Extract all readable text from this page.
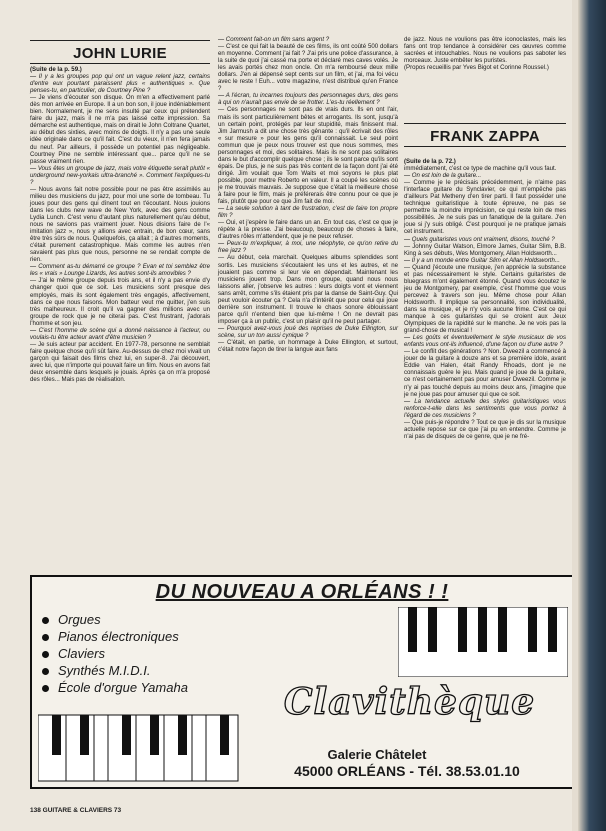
JOHN LURIE

(Suite de la p. 59.)

— Il y a les groupes pop qui ont un vague relent jazz, certains d'entre eux pourtant paraissent plus « authentiques ». Que penses-tu, en particulier, de Courtney Pine ?

— Je viens d'écouter son disque. On m'en a effectivement parlé dès mon arrivée en Europe. Il a un bon son, il joue indéniablement bien. Normalement, je me sens insulté par ceux qui prétendent faire du jazz, mais il ne m'a pas laissé cette impression. Sa démarche est authentique, mais on dirait le John Coltrane Quartet, au début des sixties, avec moins de doigts. Il n'y a pas une seule idée originale dans ce qu'il fait. C'est du vieux, il n'en fera jamais du neuf. Par ailleurs, il possède un potentiel pas négligeable. Courtney Pine ne semble intéressant que... parce qu'il ne se passe vraiment rien.

— Vous êtes un groupe de jazz, mais votre étiquette serait plutôt « underground new-yorkais ultra-branché ». Comment l'expliques-tu ?

— Nous avons fait notre possible pour ne pas être assimilés au milieu des musiciens du jazz, pour moi une sorte de tombeau. Tu joues pour des gens qui dînent tout en t'écoutant. Nous jouions dans les clubs new wave de New York, avec des gens comme Lydia Lunch. C'est venu d'autant plus naturellement qu'au début, nous ne savions pas vraiment jouer. Nous disions faire de l'« imitation jazz », nous y allions avec entrain, de bon cœur, sans être très sûrs de nous. Quelquefois, ça allait ; à d'autres moments, c'était purement catastrophique. Mais comme les autres n'en savaient pas plus que nous, personne ne se rendait compte de rien.

— Comment as-tu démarré ce groupe ? Evan et toi semblez être les « vrais » Lounge Lizards, les autres sont-ils amovibles ?

— J'ai le même groupe depuis trois ans, et il n'y a pas envie d'y changer quoi que ce soit. Les musiciens sont presque des employés, mais ils sont également très engagés, affectivement, dans ce que nous faisons. Mon batteur veut me quitter, j'en suis très malheureux. Il croit qu'il va gagner des millions avec un groupe de rock que je ne citerai pas. C'est frustrant, j'adorais l'homme et son jeu.

— C'est l'homme de scène qui a donné naissance à l'acteur, ou voulais-tu être acteur avant d'être musicien ?

— Je suis acteur par accident. En 1977-78, personne ne semblait faire quelque chose qu'il sût faire. Au-dessus de chez moi vivait un garçon qui faisait des films chez lui, en super-8. J'ai découvert, avec lui, que n'importe qui pouvait faire un film. Nous en avons fait deux ensemble dans lesquels je jouais. Après ça on m'a proposé des rôles... Mais pas de réalisation.

— Comment fait-on un film sans argent ?

— C'est ce qui fait la beauté de ces films, ils ont coûté 500 dollars en moyenne. Comment j'ai fait ? J'ai pris une police d'assurance, à la suite de quoi j'ai cassé ma porte et déclaré mes caves volés. Je les avais portés chez mon oncle. On m'a remboursé deux mille dollars. J'en ai dépensé sept cents sur un film, et j'ai, ma foi vécu avec le reste ! Euh... votre magazine, n'est distribué qu'en France ?

— A l'écran, tu incarnes toujours des personnages durs, des gens à qui on n'aurait pas envie de se frotter. L'es-tu réellement ?

— Ces personnages ne sont pas de vrais durs. Ils en ont l'air, mais ils sont particulièrement bêtes et arrogants. Ils sont, jusqu'à un certain point, protégés par leur stupidité, mais finissent mal. Jim Jarmush a dit une chose très gênante : qu'il écrivait des rôles « sur mesure » pour les gens qu'il connaissait. Le seul point commun que je peux nous trouver est que nous sommes, mes personnages et moi, des solitaires. Mais ils ne sont pas solitaires dans le but d'accomplir quelque chose ; ils le sont parce qu'ils sont épais. De plus, je ne suis pas très content de la façon dont j'ai été dirigé. Jim voulait que Tom Waits et moi soyons le plus plat possible, pour mettre Roberto en valeur. Il a coupé les scènes où je me trouvais mauvais. Je suppose que c'était la meilleure chose à faire pour le film, mais je préférerais être connu pour ce que je fais, plutôt que pour ce que Jim fait de moi.

— La seule solution à tant de frustration, c'est de faire ton propre film ?

— Oui, et j'espère le faire dans un an. En tout cas, c'est ce que je répète à la presse. J'ai beaucoup, beaucoup de choses à faire, d'autres rôles m'attendent, que je ne peux refuser.

— Peux-tu m'expliquer, à moi, une néophyte, ce qu'on retire du free jazz ?

— Au début, cela marchait. Quelques albums splendides sont sortis. Les musiciens s'écoutaient les uns et les autres, et ne jouaient pas comme si leur vie en dépendait. Maintenant les musiciens jouent trop. Dans mon groupe, quand nous nous laissons aller, j'observe les autres : leurs doigts vont et viennent sans arrêt, comme s'ils étaient pris par la danse de Saint-Guy. Qui peut vouloir écouter ça ? Cela n'a d'intérêt que pour celui qui joue derrière son instrument. Il trouve le chaos sonore éblouissant parce qu'il n'entend bien que lui-même ! On ne devrait pas imposer ça à un public, c'est un plaisir qu'il ne peut partager.

— Pourquoi avez-vous joué des reprises de Duke Ellington, sur scène, sur un ton aussi cynique ?

— C'était, en partie, un hommage à Duke Ellington, et surtout, c'était notre façon de tirer la langue aux fans

de jazz. Nous ne voulions pas être iconoclastes, mais les fans ont trop tendance à considérer ces œuvres comme sacrées et intouchables. Nous ne voulions pas saboter les morceaux. Juste embêter les puristes.

(Propos recueillis par Yves Bigot et Corinne Roussel.)

FRANK ZAPPA

(Suite de la p. 72.)

immédiatement, c'est ce type de machine qu'il vous faut.

— On est loin de la guitare...

— Comme je le précisais précédemment, je n'aime pas l'interface guitare du Synclavier, ce qui m'empêche pas d'ailleurs Pat Metheny d'en tirer parti. Il faut posséder une technique guitaristique à toute épreuve, ne pas se permettre la moindre imprécision, ce qui reste loin de mes possibilités. Je ne suis pas un fanatique de la guitare. J'en joue si j'y suis obligé. C'est pourquoi je ne pratique jamais cet instrument.

— Quels guitaristes vous ont vraiment, disons, touché ?

— Johnny Guitar Watson, Elmore James, Guitar Slim, B.B. King à ses débuts, Wes Montgomery, Allan Holdsworth...

— Il y a un monde entre Guitar Slim et Allan Holdsworth...

— Quand j'écoute une musique, j'en apprécie la substance et pas nécessairement le style. Certains guitaristes de bluegrass m'ont également étonné. Quand vous écoutez le jeu de Montgomery, par exemple, c'est l'homme que vous percevez à travers son jeu. Même chose pour Allan Holdsworth. Il implique sa personnalité, son individualité, dans sa musique, et je n'y vois aucune frime. C'est ce qui manque à ces guitaristes qui se croient aux Jeux Olympiques de la rapidité sur le manche. Je ne vois pas la grand-chose de musical !

— Les goûts et éventuellement le style musicaux de vos enfants vous ont-ils influencé, d'une façon ou d'une autre ?

— Le conflit des générations ? Non. Dweezil a commencé à jouer de la guitare à douze ans et sa première idole, avant Eddie van Halen, était Randy Rhoads, dont je ne connaissais guère le jeu. Mais quand je joue de la guitare, ce n'est certainement pas pour amuser Dweezil. Comme je n'y ai pas touché depuis au moins deux ans, j'imagine que je ne joue pas pour amuser qui que ce soit.

— La tendance actuelle des styles guitaristiques vous renforce-t-elle dans les sentiments que vous portez à l'égard de ces musiciens ?

— Que puis-je répondre ? Tout ce que je dis sur la musique actuelle repose sur ce que j'ai pu en entendre. Comme je n'ai pas de disques de ce genre, que je ne fré-

DU NOUVEAU A ORLÉANS ! !
Orgues
Pianos électroniques
Claviers
Synthés M.I.D.I.
École d'orgue Yamaha	Clavithèque
Galerie Châtelet
45000 ORLÉANS - Tél. 38.53.01.10
138 GUITARE & CLAVIERS 73
